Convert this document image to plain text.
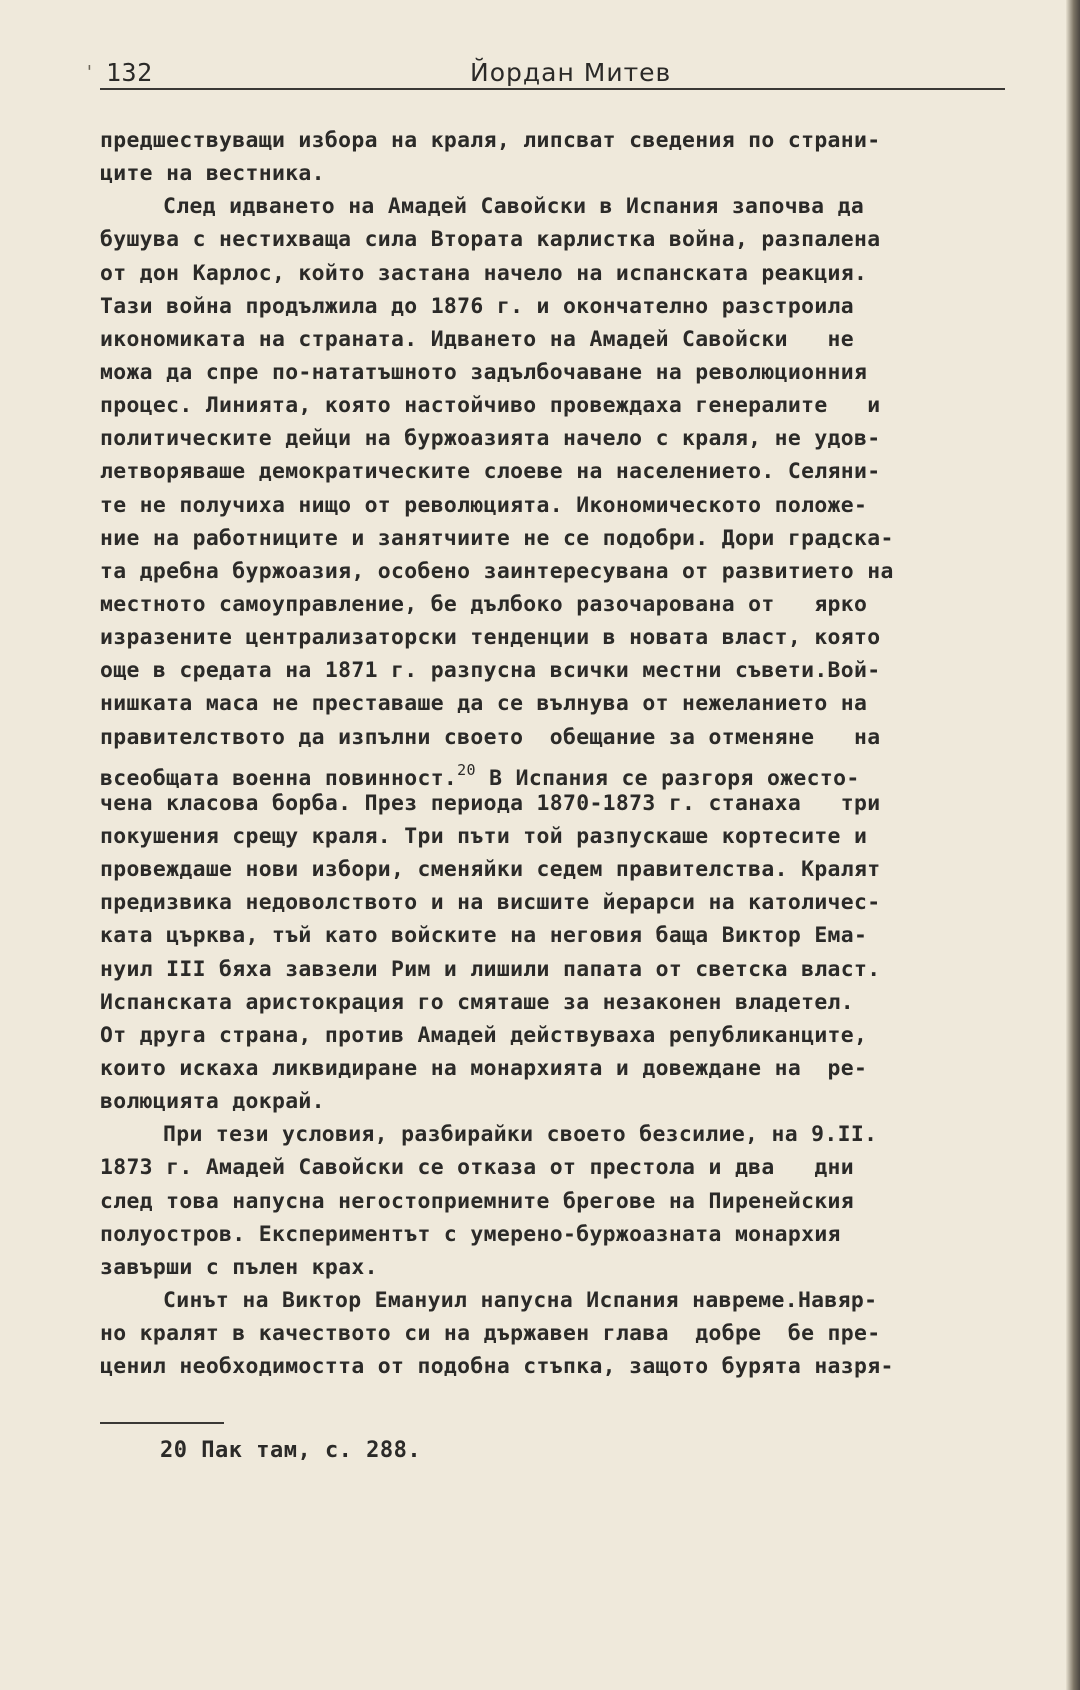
' 132	Йордан Митев
предшествуващи избора на краля, липсват сведения по страни-
ците на вестника.
След идването на Амадей Савойски в Испания започва да
бушува с нестихваща сила Втората карлистка война, разпалена
от дон Карлос, който застана начело на испанската реакция.
Тази война продължила до 1876 г. и окончателно разстроила
икономиката на страната. Идването на Амадей Савойски   не
можа да спре по-нататъшното задълбочаване на революционния
процес. Линията, която настойчиво провеждаха генералите   и
политическите дейци на буржоазията начело с краля, не удов-
летворяваше демократическите слоеве на населението. Селяни-
те не получиха нищо от революцията. Икономическото положе-
ние на работниците и занятчиите не се подобри. Дори градска-
та дребна буржоазия, особено заинтересувана от развитието на
местното самоуправление, бе дълбоко разочарована от   ярко
изразените централизаторски тенденции в новата власт, която
още в средата на 1871 г. разпусна всички местни съвети.Вой-
нишката маса не преставаше да се вълнува от нежеланието на
правителството да изпълни своето  обещание за отменяне   на
всеобщата военна повинност.$^{20}$ В Испания се разгоря ожесто-
чена класова борба. През периода 1870-1873 г. станаха   три
покушения срещу краля. Три пъти той разпускаше кортесите и
провеждаше нови избори, сменяйки седем правителства. Кралят
предизвика недоволството и на висшите йерарси на католичес-
ката църква, тъй като войските на неговия баща Виктор Ема-
нуил III бяха завзели Рим и лишили папата от светска власт.
Испанската аристокрация го смяташе за незаконен владетел.
От друга страна, против Амадей действуваха републиканците,
които искаха ликвидиране на монархията и довеждане на  ре-
волюцията докрай.
При тези условия, разбирайки своето безсилие, на 9.II.
1873 г. Амадей Савойски се отказа от престола и два   дни
след това напусна негостоприемните брегове на Пиренейския
полуостров. Експериментът с умерено-буржоазната монархия
завърши с пълен крах.
Синът на Виктор Емануил напусна Испания навреме.Навяр-
но кралят в качеството си на държавен глава  добре  бе пре-
ценил необходимостта от подобна стъпка, защото бурята назря-
20 Пак там, с. 288.
